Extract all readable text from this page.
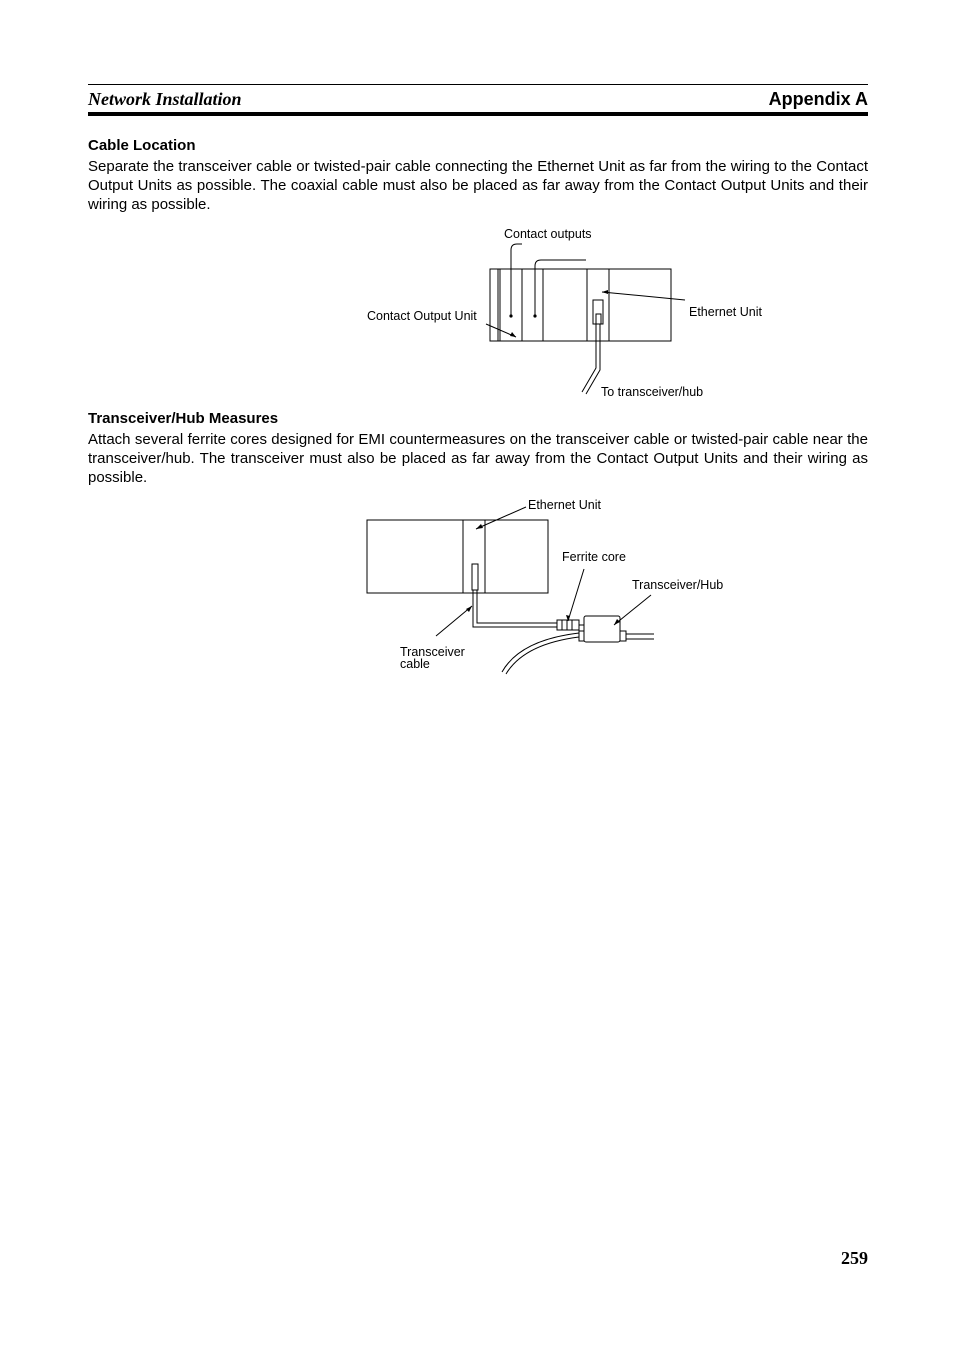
Network Installation	Appendix A
Cable Location
Separate the transceiver cable or twisted-pair cable connecting the Ethernet Unit as far from the wiring to the Contact Output Units as possible. The coaxial cable must also be placed as far away from the Contact Output Units and their wiring as possible.
Transceiver/Hub Measures
Attach several ferrite cores designed for EMI countermeasures on the transceiver cable or twisted-pair cable near the transceiver/hub. The transceiver must also be placed as far away from the Contact Output Units and their wiring as possible.
Contact outputs
Contact Output Unit	Ethernet Unit
To transceiver/hub
Ethernet Unit
Ferrite core
Transceiver/Hub
Transceiver
cable
259
